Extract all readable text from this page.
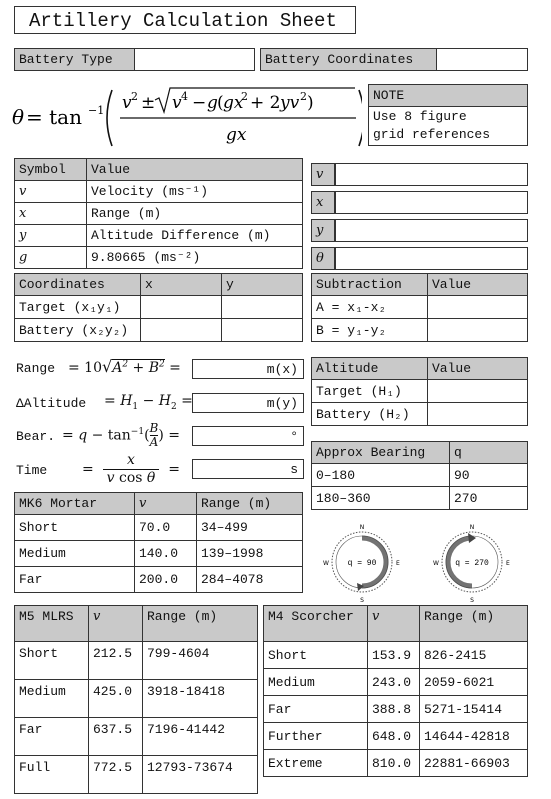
Artillery Calculation Sheet
Battery Type		Battery Coordinates	
θ = tan −1 v 2 ± v 4 − g ( gx
2 + 2 yv 2 )
gx
NOTE

Use 8 figure
grid references
Symbol	Value
v	Velocity (ms⁻¹)
x	Range (m)
y	Altitude Difference (m)
g	9.80665 (ms⁻²)
v	
x	
y	
θ	
Coordinates	x	y
Target (x₁y₁)		
Battery (x₂y₂)		
Subtraction	Value
A = x₁-x₂	
B = y₁-y₂	
Range = $10√A^2 + B^2$ =	m(x)
ΔAltitude = $H_1 - H_2$ =	m(y)
Bear. = $q - \tan^{-1}(\frac{B}{A}$ ) =	°
Time =  $\frac{x}{\text{v cos θ}}$ =	s
Altitude	Value
Target (H₁)	
Battery (H₂)	
Approx Bearing	q
0–180	90
180–360	270
MK6 Mortar	v	Range (m)
Short	70.0	34–499
Medium	140.0	139–1998
Far	200.0	284–4078
N
S
E
W q = 90
N
S
E
W q = 270
M5 MLRS	v	Range (m)
Short	212.5	799-4604
Medium	425.0	3918-18418
Far	637.5	7196-41442
Full	772.5	12793-73674
M4 Scorcher	v	Range (m)
Short	153.9	826-2415
Medium	243.0	2059-6021
Far	388.8	5271-15414
Further	648.0	14644-42818
Extreme	810.0	22881-66903
